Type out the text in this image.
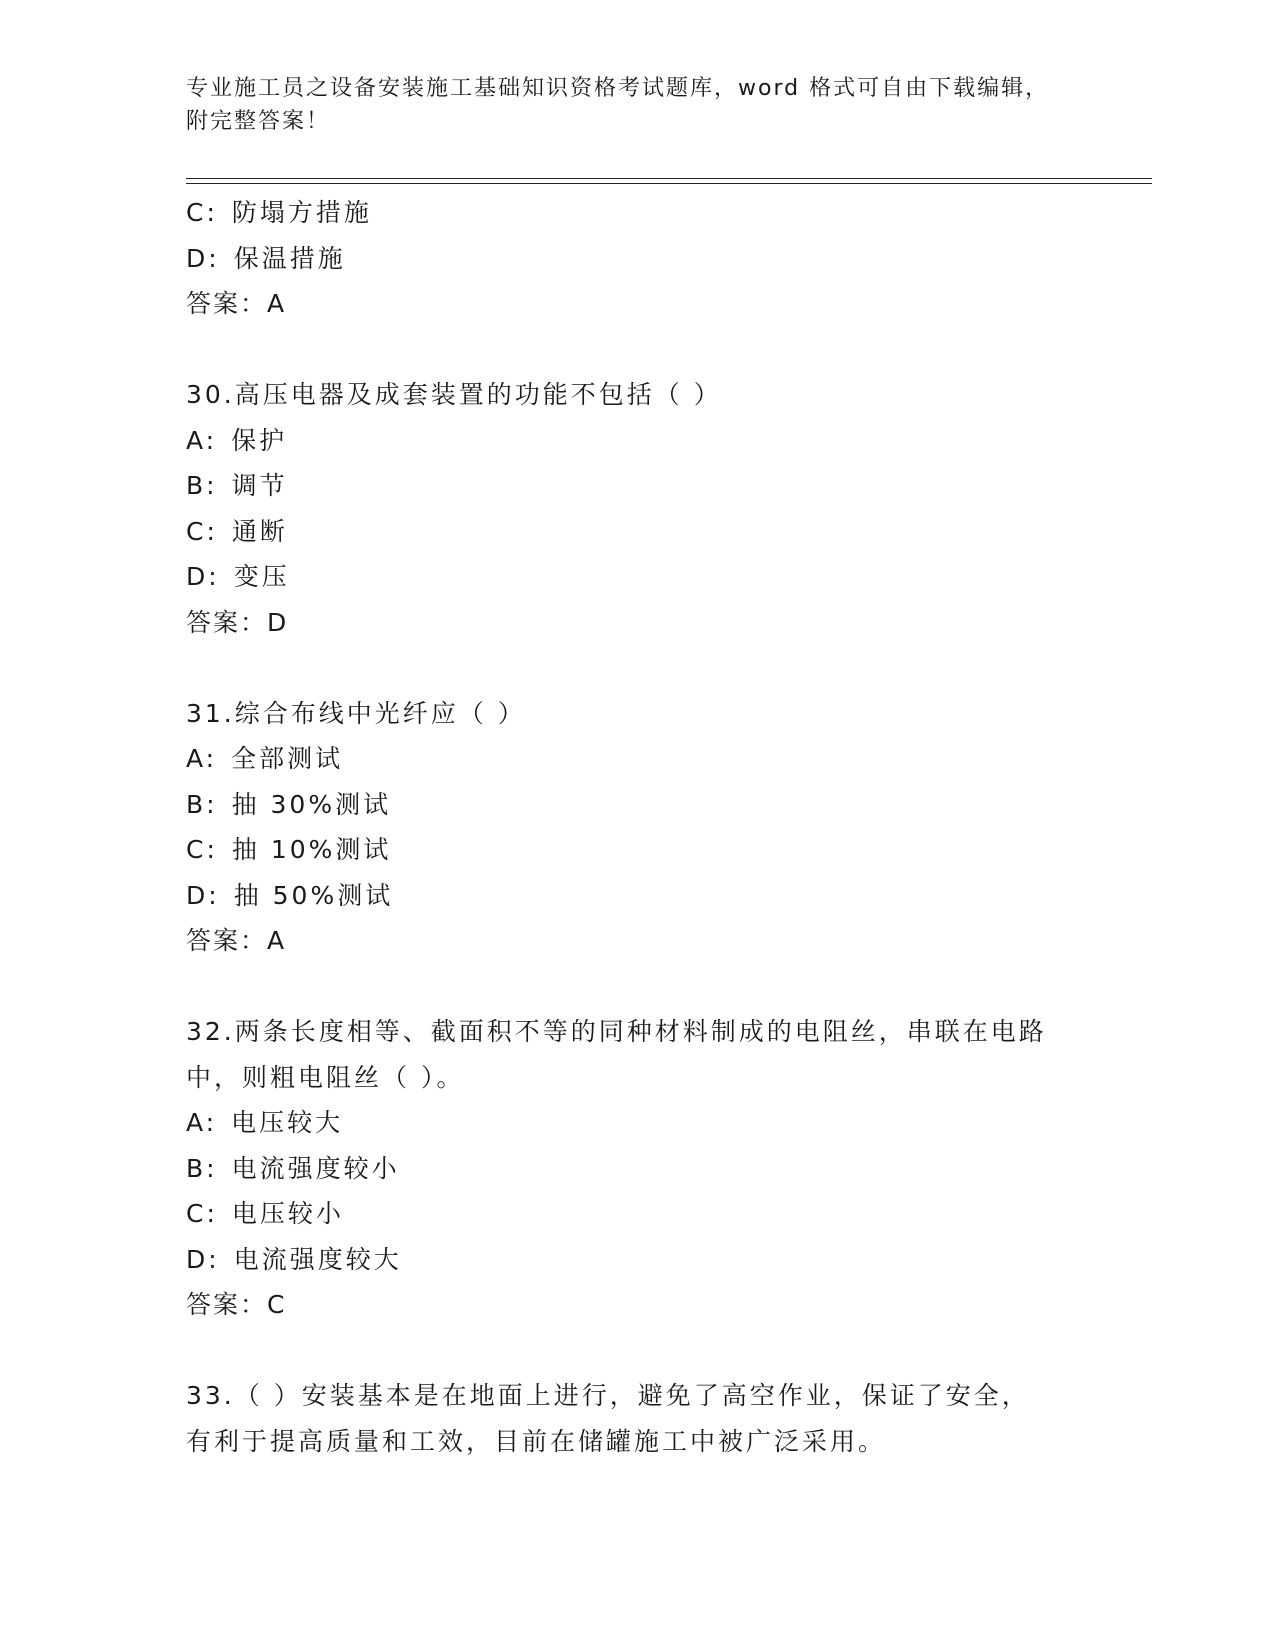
专业施工员之设备安装施工基础知识资格考试题库，word 格式可自由下载编辑，
附完整答案！
C: 防塌方措施
D: 保温措施
答案：A
30.高压电器及成套装置的功能不包括（ ）
A: 保护
B: 调节
C: 通断
D: 变压
答案：D
31.综合布线中光纤应（ ）
A: 全部测试
B: 抽 30%测试
C: 抽 10%测试
D: 抽 50%测试
答案：A
32.两条长度相等、截面积不等的同种材料制成的电阻丝，串联在电路
中，则粗电阻丝（ ）。
A: 电压较大
B: 电流强度较小
C: 电压较小
D: 电流强度较大
答案：C
33.（ ）安装基本是在地面上进行，避免了高空作业，保证了安全，
有利于提高质量和工效，目前在储罐施工中被广泛采用。
